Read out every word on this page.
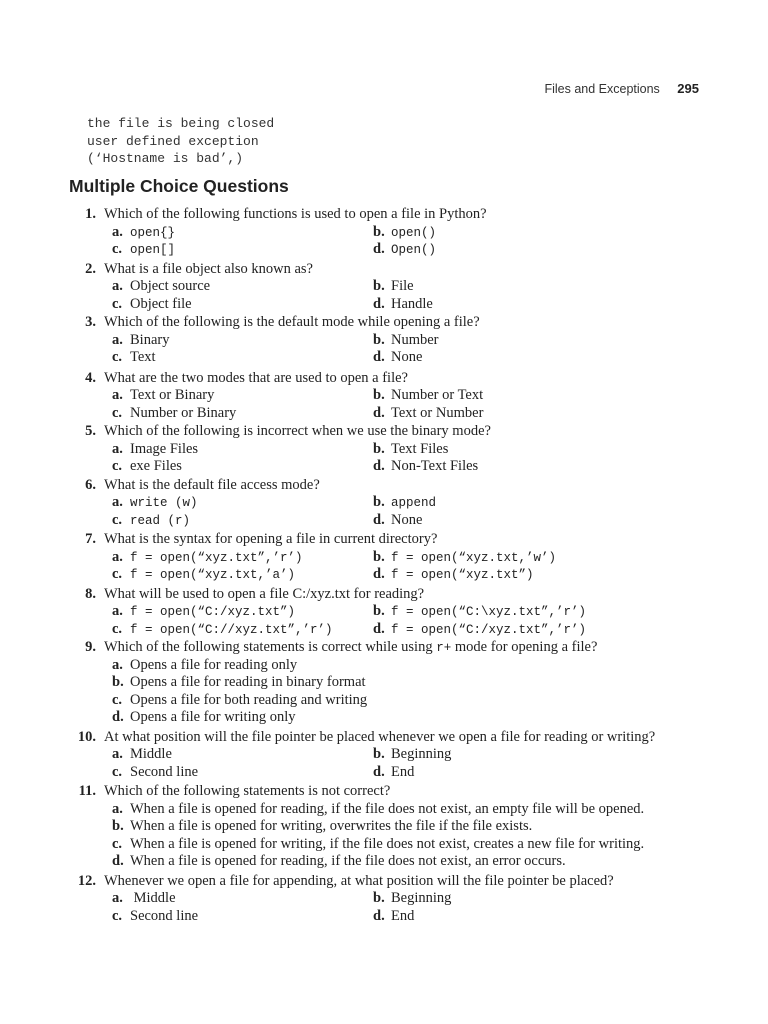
Files and Exceptions 295
the file is being closed
user defined exception
(‘Hostname is bad’,)
Multiple Choice Questions
1. Which of the following functions is used to open a file in Python?
a. open{}	b. open()
c. open[]	d. Open()
2. What is a file object also known as?
a. Object source	b. File
c. Object file	d. Handle
3. Which of the following is the default mode while opening a file?
a. Binary	b. Number
c. Text	d. None
4. What are the two modes that are used to open a file?
a. Text or Binary	b. Number or Text
c. Number or Binary	d. Text or Number
5. Which of the following is incorrect when we use the binary mode?
a. Image Files	b. Text Files
c. exe Files	d. Non-Text Files
6. What is the default file access mode?
a. write (w)	b. append
c. read (r)	d. None
7. What is the syntax for opening a file in current directory?
a. f = open(“xyz.txt”,’r’)	b. f = open(“xyz.txt,’w’)
c. f = open(“xyz.txt,’a’)	d. f = open(“xyz.txt”)
8. What will be used to open a file C:/xyz.txt for reading?
a. f = open(“C:/xyz.txt”)	b. f = open(“C:\xyz.txt”,’r’)
c. f = open(“C://xyz.txt”,’r’)	d. f = open(“C:/xyz.txt”,’r’)
9. Which of the following statements is correct while using r+ mode for opening a file?
a. Opens a file for reading only
b. Opens a file for reading in binary format
c. Opens a file for both reading and writing
d. Opens a file for writing only
10. At what position will the file pointer be placed whenever we open a file for reading or writing?
a. Middle	b. Beginning
c. Second line	d. End
11. Which of the following statements is not correct?
a. When a file is opened for reading, if the file does not exist, an empty file will be opened.
b. When a file is opened for writing, overwrites the file if the file exists.
c. When a file is opened for writing, if the file does not exist, creates a new file for writing.
d. When a file is opened for reading, if the file does not exist, an error occurs.
12. Whenever we open a file for appending, at what position will the file pointer be placed?
a. Middle	b. Beginning
c. Second line	d. End
